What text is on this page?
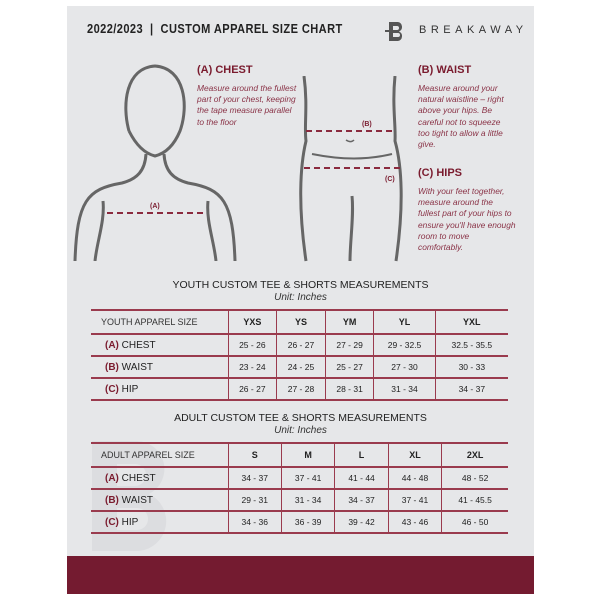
2022/2023  |  CUSTOM APPAREL SIZE CHART	BREAKAWAY
(A)
(A) CHEST
Measure around the fullest part of your chest, keeping the tape measure parallel to the floor	(B)
(C)
(B) WAIST
Measure around your natural waistline – right above your hips. Be careful not to squeeze too tight to allow a little give.
(C) HIPS
With your feet together, measure around the fullest part of your hips to ensure you'll have enough room to move comfortably.
YOUTH CUSTOM TEE & SHORTS MEASUREMENTS
Unit: Inches
YOUTH APPAREL SIZE	YXS	YS	YM	YL	YXL
(A) CHEST	25 - 26	26 - 27	27 - 29	29 - 32.5	32.5 - 35.5
(B) WAIST	23 - 24	24 - 25	25 - 27	27 - 30	30 - 33
(C) HIP	26 - 27	27 - 28	28 - 31	31 - 34	34 - 37
ADULT CUSTOM TEE & SHORTS MEASUREMENTS
Unit: Inches
ADULT APPAREL SIZE	S	M	L	XL	2XL
(A) CHEST	34 - 37	37 - 41	41 - 44	44 - 48	48 - 52
(B) WAIST	29 - 31	31 - 34	34 - 37	37 - 41	41 - 45.5
(C) HIP	34 - 36	36 - 39	39 - 42	43 - 46	46 - 50
